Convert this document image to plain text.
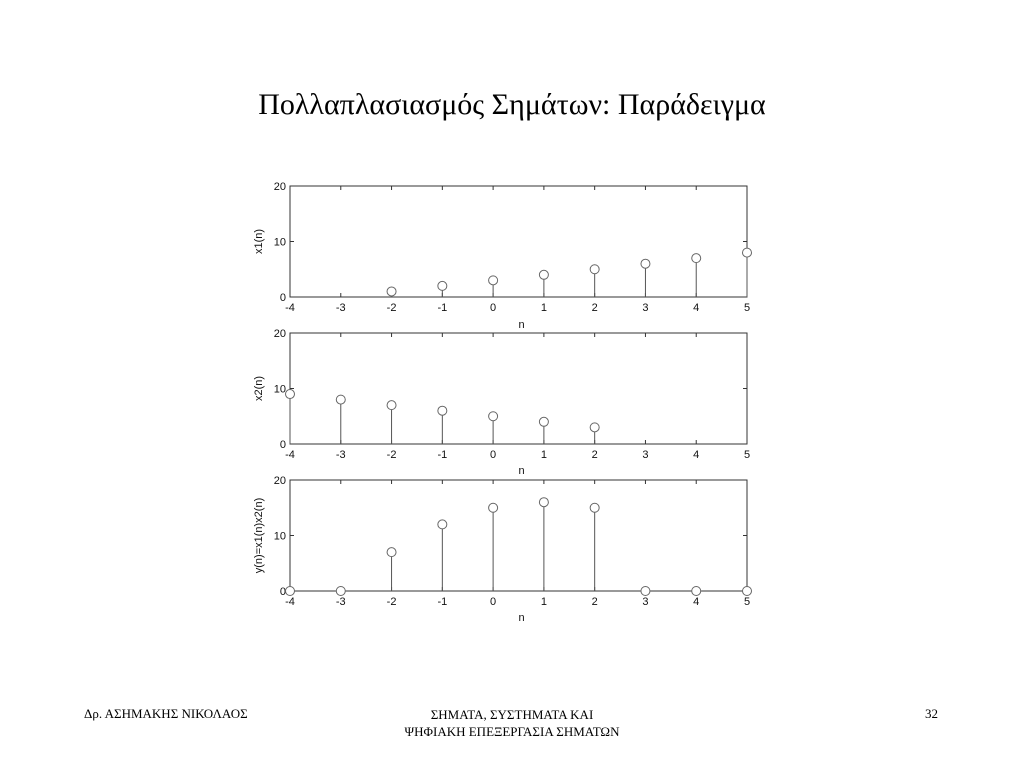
Πολλαπλασιασμός Σημάτων: Παράδειγμα
-4	-3	-2	-1	0	1	2	3	4	5
0
10
20
n
x1(n)
-4	-3	-2	-1	0	1	2	3	4	5
0
10
20
n
x2(n)
-4	-3	-2	-1	0	1	2	3	4	5
0
10
20
n
y(n)=x1(n)x2(n)
Δρ. ΑΣΗΜΑΚΗΣ ΝΙΚΟΛΑΟΣ	ΣΗΜΑΤΑ, ΣΥΣΤΗΜΑΤΑ ΚΑΙ
ΨΗΦΙΑΚΗ ΕΠΕΞΕΡΓΑΣΙΑ ΣΗΜΑΤΩΝ
32
